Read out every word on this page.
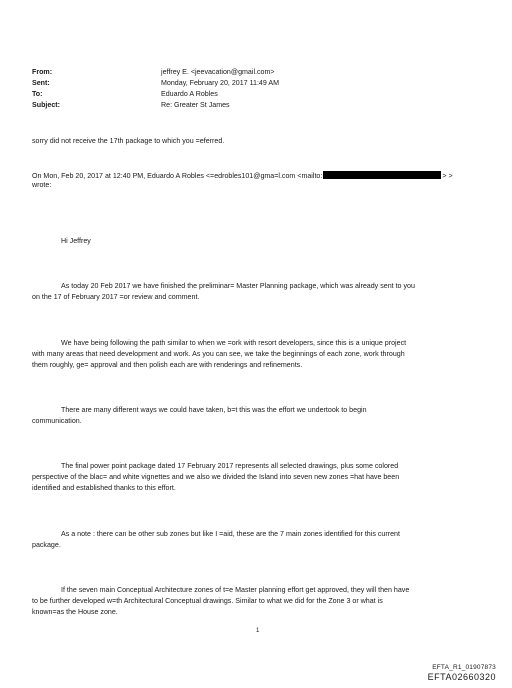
From:	jeffrey E. <jeevacation@gmail.com>
Sent:	Monday, February 20, 2017 11:49 AM
To:	Eduardo A Robles
Subject:	Re: Greater St James
sorry did not receive the 17th package to which you =eferred.
On Mon, Feb 20, 2017 at 12:40 PM, Eduardo A Robles <=edrobles101@gma=l.com <mailto:	> >
wrote:
Hi Jeffrey
As today 20 Feb 2017 we have finished the preliminar= Master Planning package, which was already sent to you
on the 17 of February 2017 =or review and comment.
We have being following the path similar to when we =ork with resort developers, since this is a unique project
with many areas that need development and work. As you can see, we take the beginnings of each zone, work through
them roughly, ge= approval and then polish each are with renderings and refinements.
There are many different ways we could have taken, b=t this was the effort we undertook to begin
communication.
The final power point package dated 17 February 2017 represents all selected drawings, plus some colored
perspective of the blac= and white vignettes and we also we divided the Island into seven new zones =hat have been
identified and established thanks to this effort.
As a note : there can be other sub zones but like I =aid, these are the 7 main zones identified for this current
package.
If the seven main Conceptual Architecture zones of t=e Master planning effort get approved, they will then have
to be further developed w=th Architectural Conceptual drawings. Similar to what we did for the Zone 3 or what is
known=as the House zone.
1
EFTA_R1_01907873
EFTA02660320
